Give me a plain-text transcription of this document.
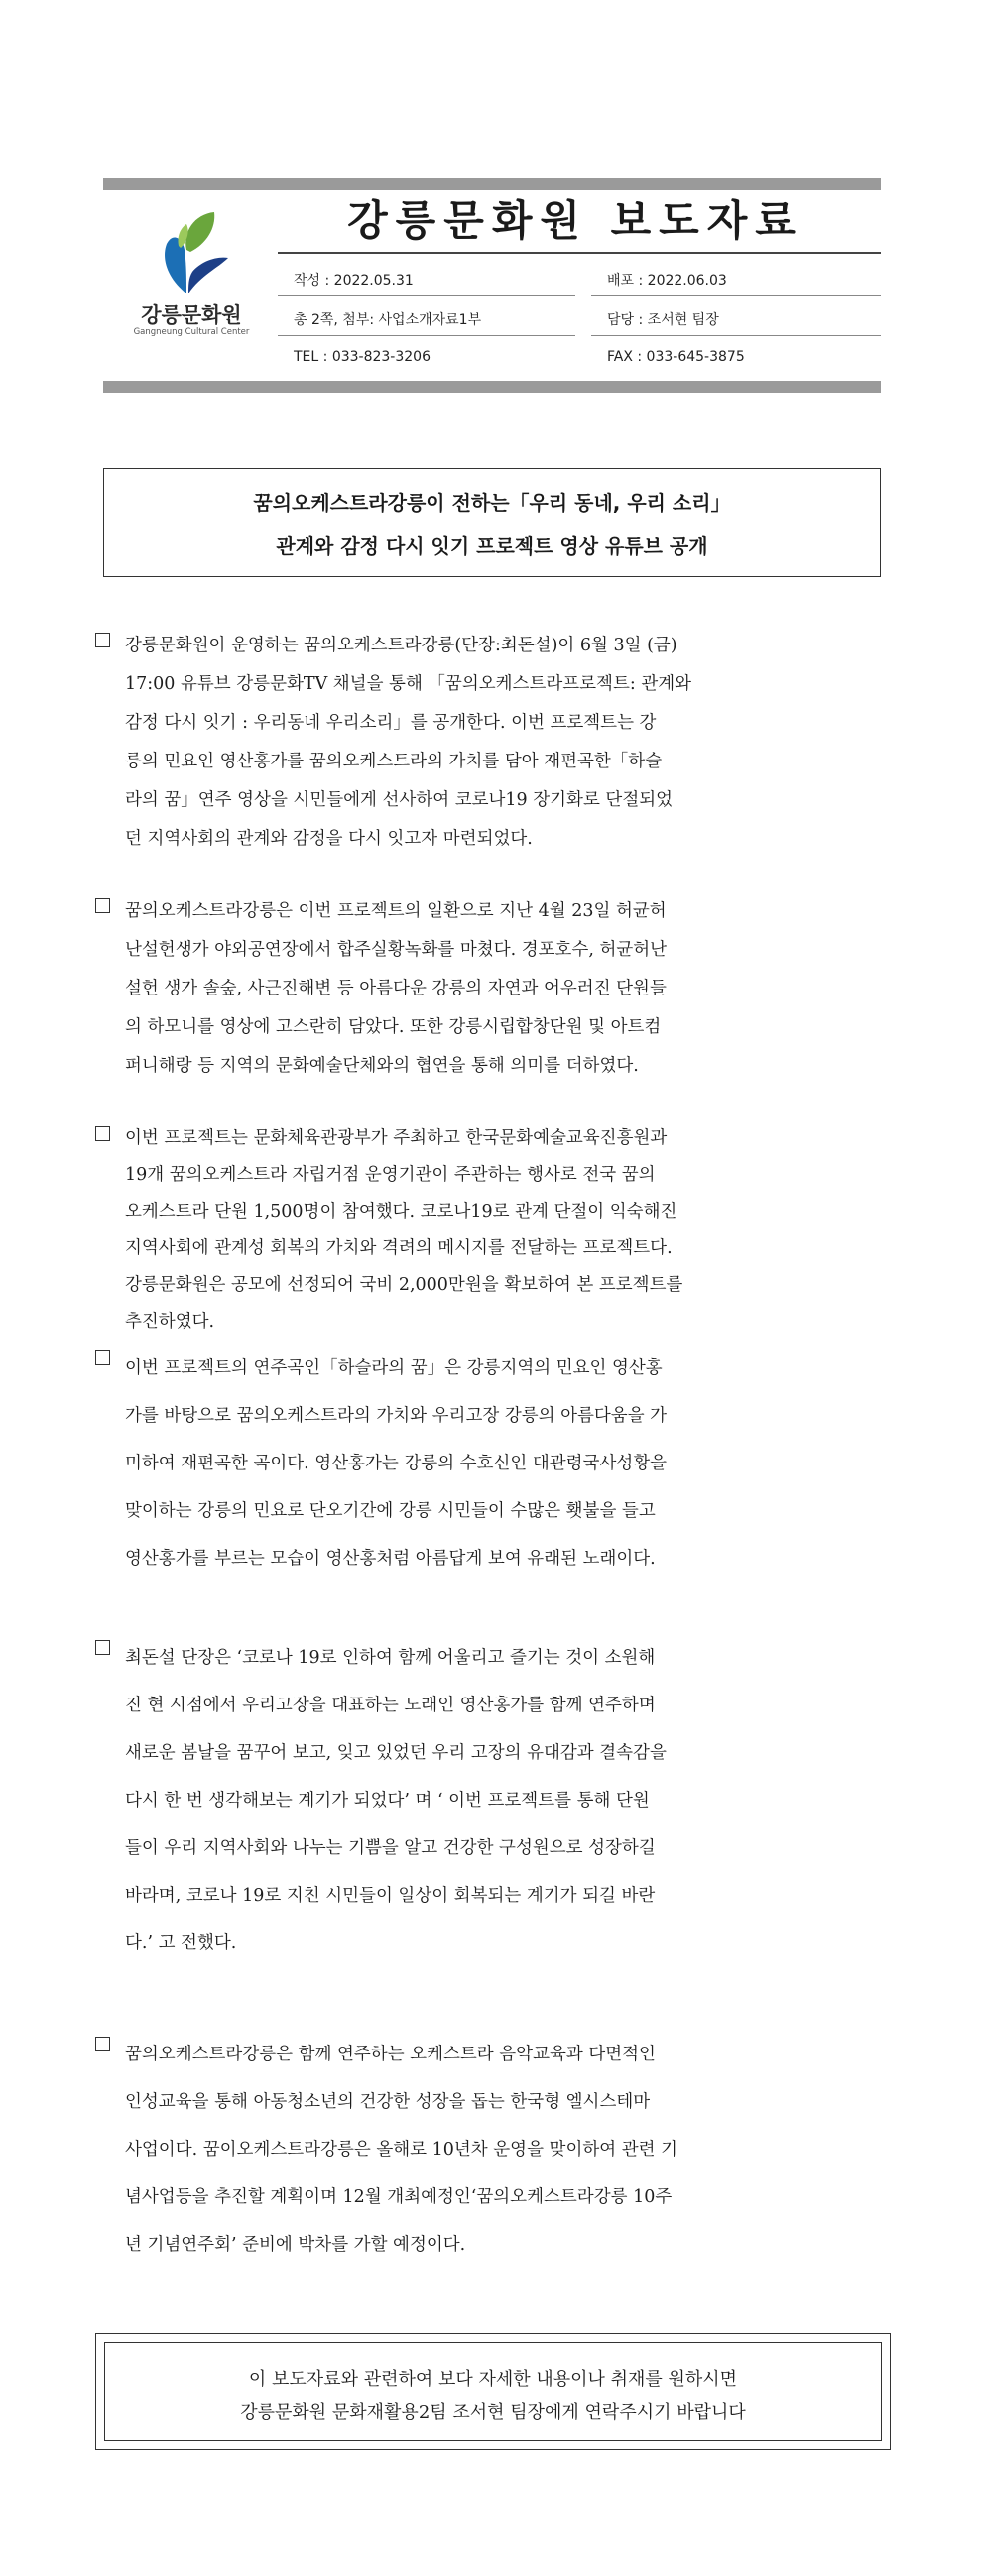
강릉문화원
Gangneung Cultural Center
강릉문화원 보도자료
작성 : 2022.05.31	배포 : 2022.06.03
총 2쪽, 첨부: 사업소개자료1부	담당 : 조서현 팀장
TEL : 033-823-3206	FAX : 033-645-3875
꿈의오케스트라강릉이 전하는「우리 동네, 우리 소리」
관계와 감정 다시 잇기 프로젝트 영상 유튜브 공개
강릉문화원이 운영하는 꿈의오케스트라강릉(단장:최돈설)이 6월 3일 (금)
17:00 유튜브 강릉문화TV 채널을 통해 「꿈의오케스트라프로젝트: 관계와
감정 다시 잇기 : 우리동네 우리소리」를 공개한다. 이번 프로젝트는 강
릉의 민요인 영산홍가를 꿈의오케스트라의 가치를 담아 재편곡한「하슬
라의 꿈」연주 영상을 시민들에게 선사하여 코로나19 장기화로 단절되었
던 지역사회의 관계와 감정을 다시 잇고자 마련되었다.
꿈의오케스트라강릉은 이번 프로젝트의 일환으로 지난 4월 23일 허균허
난설헌생가 야외공연장에서 합주실황녹화를 마쳤다. 경포호수, 허균허난
설헌 생가 솔숲, 사근진해변 등 아름다운 강릉의 자연과 어우러진 단원들
의 하모니를 영상에 고스란히 담았다. 또한 강릉시립합창단원 및 아트컴
퍼니해랑 등 지역의 문화예술단체와의 협연을 통해 의미를 더하였다.
이번 프로젝트는 문화체육관광부가 주최하고 한국문화예술교육진흥원과
19개 꿈의오케스트라 자립거점 운영기관이 주관하는 행사로 전국 꿈의
오케스트라 단원 1,500명이 참여했다. 코로나19로 관계 단절이 익숙해진
지역사회에 관계성 회복의 가치와 격려의 메시지를 전달하는 프로젝트다.
강릉문화원은 공모에 선정되어 국비 2,000만원을 확보하여 본 프로젝트를
추진하였다.
이번 프로젝트의 연주곡인「하슬라의 꿈」은 강릉지역의 민요인 영산홍
가를 바탕으로 꿈의오케스트라의 가치와 우리고장 강릉의 아름다움을 가
미하여 재편곡한 곡이다. 영산홍가는 강릉의 수호신인 대관령국사성황을
맞이하는 강릉의 민요로 단오기간에 강릉 시민들이 수많은 횃불을 들고
영산홍가를 부르는 모습이 영산홍처럼 아름답게 보여 유래된 노래이다.
최돈설 단장은 ‘코로나 19로 인하여 함께 어울리고 즐기는 것이 소원해
진 현 시점에서 우리고장을 대표하는 노래인 영산홍가를 함께 연주하며
새로운 봄날을 꿈꾸어 보고, 잊고 있었던 우리 고장의 유대감과 결속감을
다시 한 번 생각해보는 계기가 되었다’ 며 ‘ 이번 프로젝트를 통해 단원
들이 우리 지역사회와 나누는 기쁨을 알고 건강한 구성원으로 성장하길
바라며, 코로나 19로 지친 시민들이 일상이 회복되는 계기가 되길 바란
다.’ 고 전했다.
꿈의오케스트라강릉은 함께 연주하는 오케스트라 음악교육과 다면적인
인성교육을 통해 아동청소년의 건강한 성장을 돕는 한국형 엘시스테마
사업이다. 꿈이오케스트라강릉은 올해로 10년차 운영을 맞이하여 관련 기
념사업등을 추진할 계획이며 12월 개최예정인‘꿈의오케스트라강릉 10주
년 기념연주회’ 준비에 박차를 가할 예정이다.
이 보도자료와 관련하여 보다 자세한 내용이나 취재를 원하시면
강릉문화원 문화재활용2팀 조서현 팀장에게 연락주시기 바랍니다
